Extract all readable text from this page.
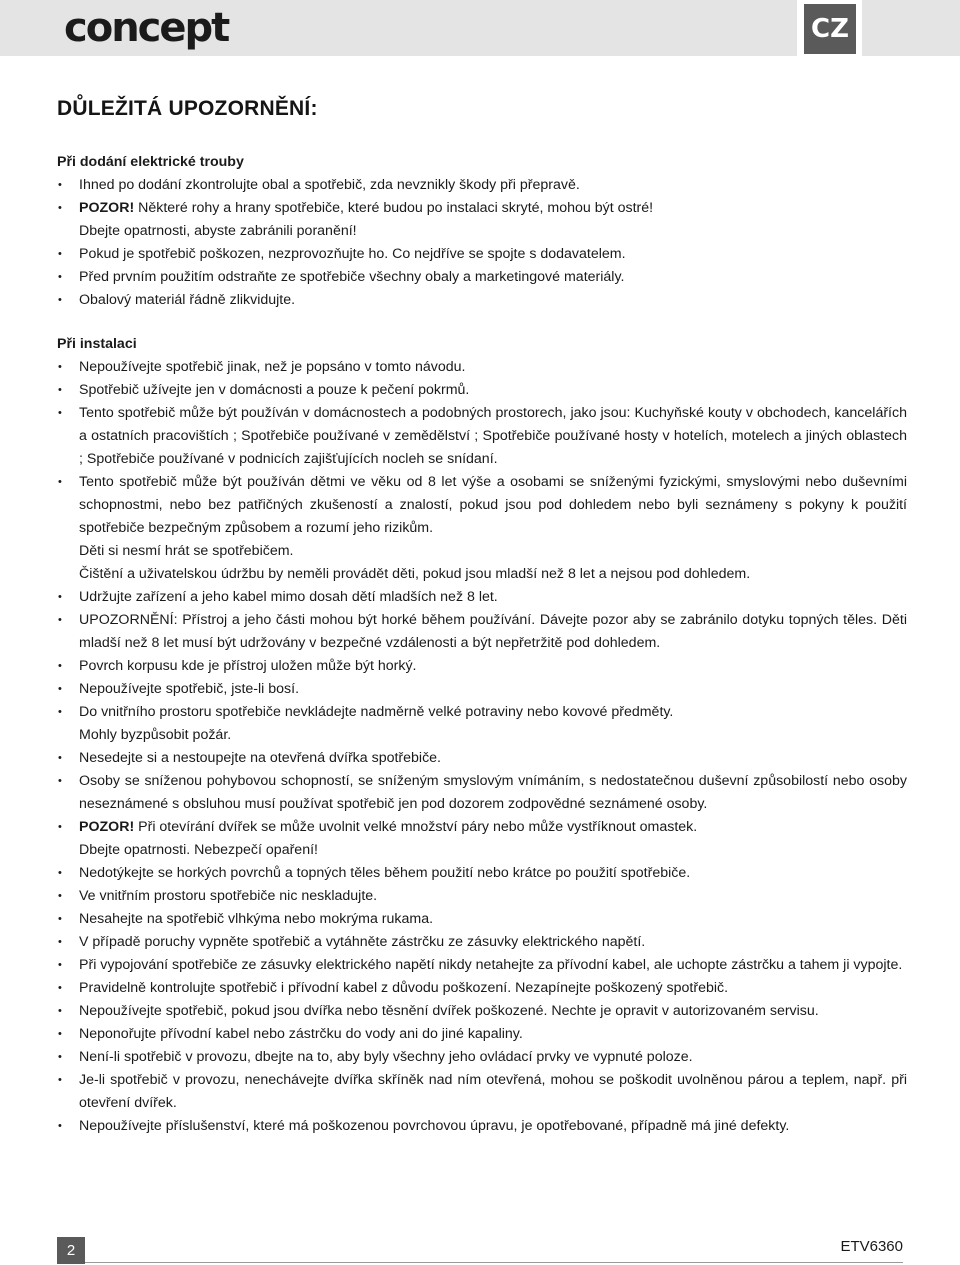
concept	CZ
DŮLEŽITÁ UPOZORNĚNÍ:
Při dodání elektrické trouby
• Ihned po dodání zkontrolujte obal a spotřebič, zda nevznikly škody při přepravě.
• POZOR! Některé rohy a hrany spotřebiče, které budou po instalaci skryté, mohou být ostré!
Dbejte opatrnosti, abyste zabránili poranění!
• Pokud je spotřebič poškozen, nezprovozňujte ho. Co nejdříve se spojte s dodavatelem.
• Před prvním použitím odstraňte ze spotřebiče všechny obaly a marketingové materiály.
• Obalový materiál řádně zlikvidujte.
Při instalaci
• Nepoužívejte spotřebič jinak, než je popsáno v tomto návodu.
• Spotřebič užívejte jen v domácnosti a pouze k pečení pokrmů.
• Tento spotřebič může být používán v domácnostech a podobných prostorech, jako jsou: Kuchyňské kouty v obchodech, kancelářích a ostatních pracovištích ; Spotřebiče používané v zemědělství ; Spotřebiče používané hosty v hotelích, motelech a jiných oblastech ; Spotřebiče používané v podnicích zajišťujících nocleh se snídaní.
• Tento spotřebič může být používán dětmi ve věku od 8 let výše a osobami se sníženými fyzickými, smyslovými nebo duševními schopnostmi, nebo bez patřičných zkušeností a znalostí, pokud jsou pod dohledem nebo byli seznámeny s pokyny k použití spotřebiče bezpečným způsobem a rozumí jeho rizikům.
Děti si nesmí hrát se spotřebičem.
Čištění a uživatelskou údržbu by neměli provádět děti, pokud jsou mladší než 8 let a nejsou pod dohledem.
• Udržujte zařízení a jeho kabel mimo dosah dětí mladších než 8 let.
• UPOZORNĚNÍ: Přístroj a jeho části mohou být horké během používání. Dávejte pozor aby se zabránilo dotyku topných těles. Děti mladší než 8 let musí být udržovány v bezpečné vzdálenosti a být nepřetržitě pod dohledem.
• Povrch korpusu kde je přístroj uložen může být horký.
• Nepoužívejte spotřebič, jste-li bosí.
• Do vnitřního prostoru spotřebiče nevkládejte nadměrně velké potraviny nebo kovové předměty.
Mohly byzpůsobit požár.
• Nesedejte si a nestoupejte na otevřená dvířka spotřebiče.
• Osoby se sníženou pohybovou schopností, se sníženým smyslovým vnímáním, s nedostatečnou duševní způsobilostí nebo osoby neseznámené s obsluhou musí používat spotřebič jen pod dozorem zodpovědné seznámené osoby.
• POZOR! Při otevírání dvířek se může uvolnit velké množství páry nebo může vystříknout omastek.
Dbejte opatrnosti. Nebezpečí opaření!
• Nedotýkejte se horkých povrchů a topných těles během použití nebo krátce po použití spotřebiče.
• Ve vnitřním prostoru spotřebiče nic neskladujte.
• Nesahejte na spotřebič vlhkýma nebo mokrýma rukama.
• V případě poruchy vypněte spotřebič a vytáhněte zástrčku ze zásuvky elektrického napětí.
• Při vypojování spotřebiče ze zásuvky elektrického napětí nikdy netahejte za přívodní kabel, ale uchopte zástrčku a tahem ji vypojte.
• Pravidelně kontrolujte spotřebič i přívodní kabel z důvodu poškození. Nezapínejte poškozený spotřebič.
• Nepoužívejte spotřebič, pokud jsou dvířka nebo těsnění dvířek poškozené. Nechte je opravit v autorizovaném servisu.
• Neponořujte přívodní kabel nebo zástrčku do vody ani do jiné kapaliny.
• Není-li spotřebič v provozu, dbejte na to, aby byly všechny jeho ovládací prvky ve vypnuté poloze.
• Je-li spotřebič v provozu, nenechávejte dvířka skříněk nad ním otevřená, mohou se poškodit uvolněnou párou a teplem, např. při otevření dvířek.
• Nepoužívejte příslušenství, které má poškozenou povrchovou úpravu, je opotřebované, případně má jiné defekty.
2	ETV6360
